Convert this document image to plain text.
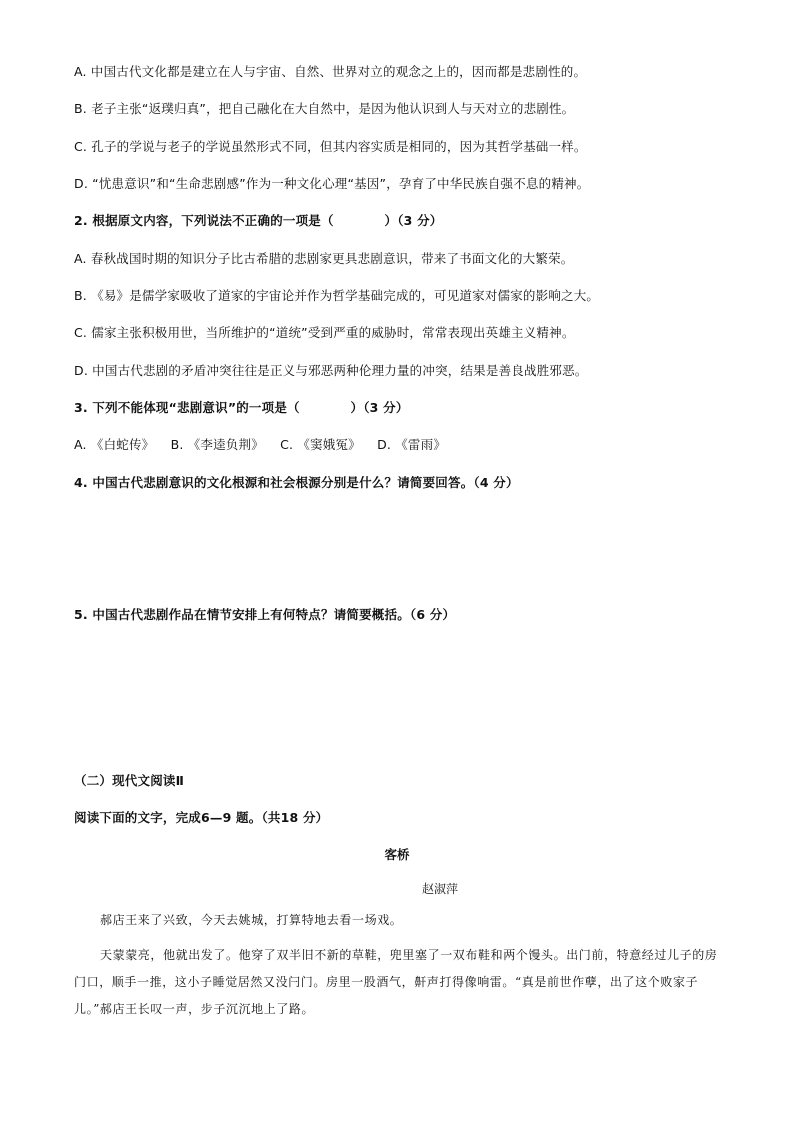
A. 中国古代文化都是建立在人与宇宙、自然、世界对立的观念之上的，因而都是悲剧性的。
B. 老子主张“返璞归真”，把自己融化在大自然中，是因为他认识到人与天对立的悲剧性。
C. 孔子的学说与老子的学说虽然形式不同，但其内容实质是相同的，因为其哲学基础一样。
D. “忧患意识”和“生命悲剧感”作为一种文化心理“基因”，孕育了中华民族自强不息的精神。
2. 根据原文内容，下列说法不正确的一项是（　　　　）（3 分）
A. 春秋战国时期的知识分子比古希腊的悲剧家更具悲剧意识，带来了书面文化的大繁荣。
B. 《易》是儒学家吸收了道家的宇宙论并作为哲学基础完成的，可见道家对儒家的影响之大。
C. 儒家主张积极用世，当所维护的“道统”受到严重的威胁时，常常表现出英雄主义精神。
D. 中国古代悲剧的矛盾冲突往往是正义与邪恶两种伦理力量的冲突，结果是善良战胜邪恶。
3. 下列不能体现“悲剧意识”的一项是（　　　　）（3 分）
A. 《白蛇传》 B. 《李逵负荆》 C. 《窦娥冤》 D. 《雷雨》
4. 中国古代悲剧意识的文化根源和社会根源分别是什么？请简要回答。（4 分）
5. 中国古代悲剧作品在情节安排上有何特点？请简要概括。（6 分）
（二）现代文阅读Ⅱ
阅读下面的文字，完成6—9 题。（共18 分）
客桥
赵淑萍
郝店王来了兴致，今天去姚城，打算特地去看一场戏。
天蒙蒙亮，他就出发了。他穿了双半旧不新的草鞋，兜里塞了一双布鞋和两个馒头。出门前，特意经过儿子的房门口，顺手一推，这小子睡觉居然又没闩门。房里一股酒气，鼾声打得像响雷。“真是前世作孽，出了这个败家子儿。”郝店王长叹一声，步子沉沉地上了路。
